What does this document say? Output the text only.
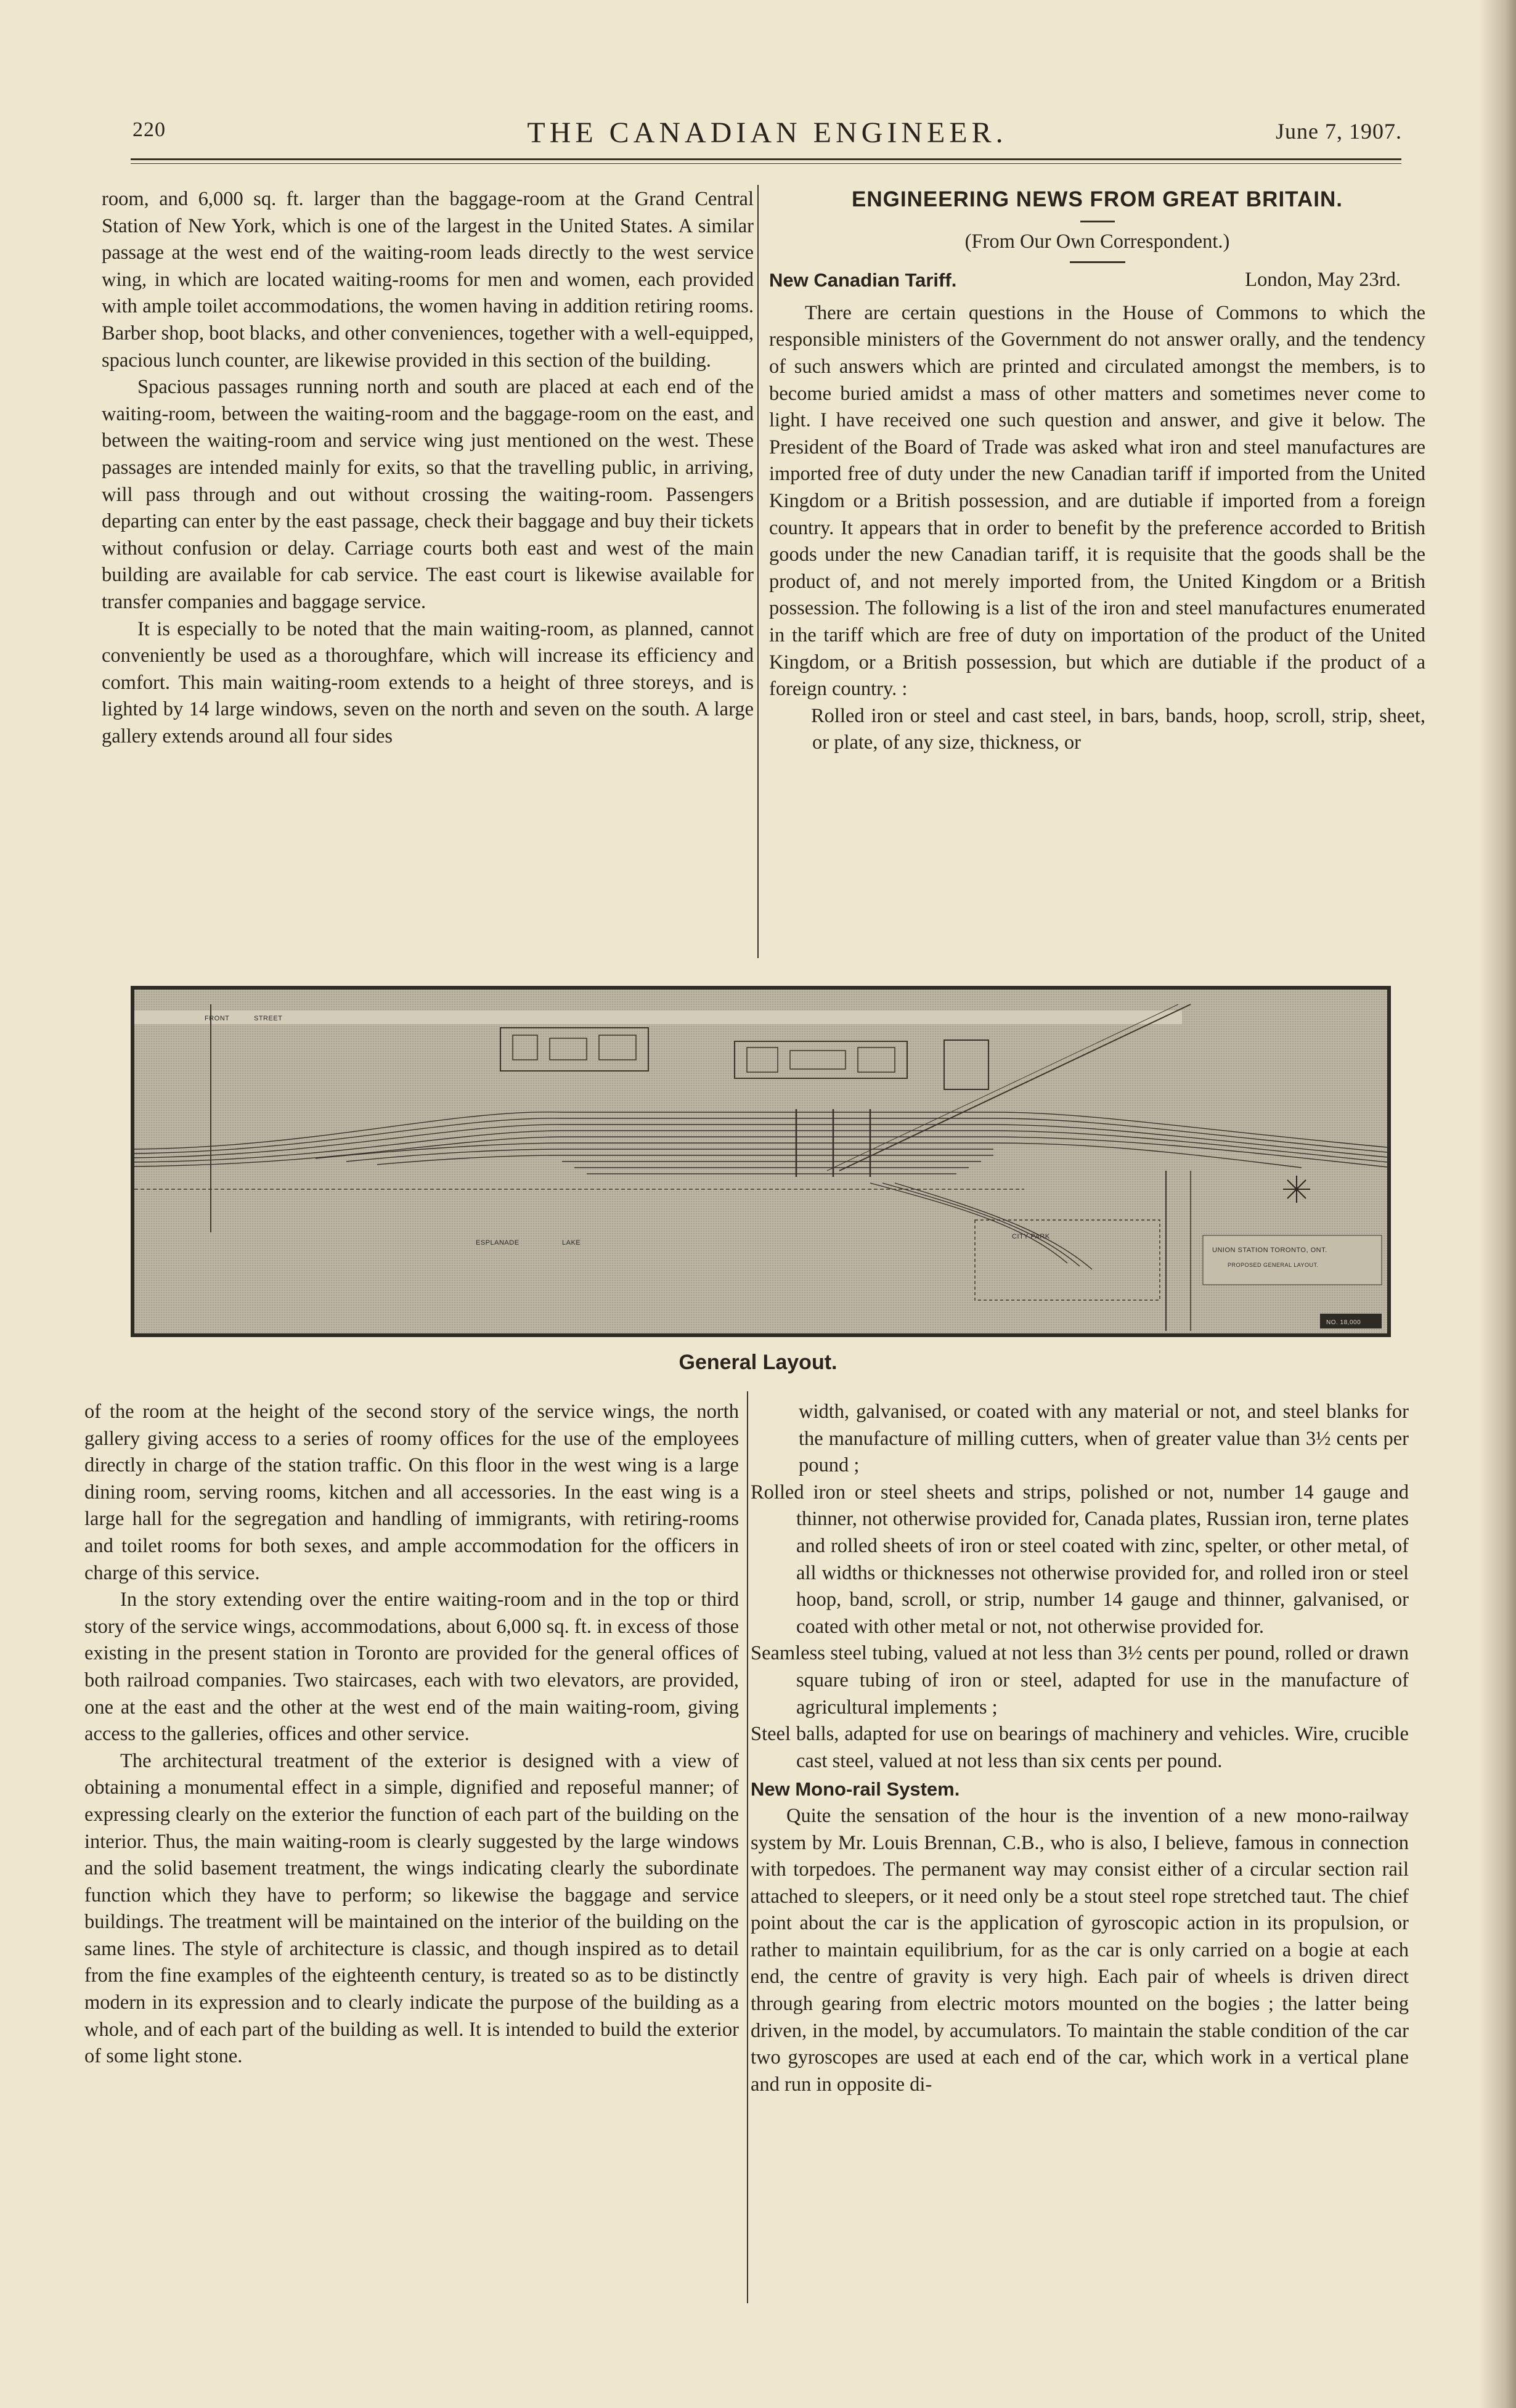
220	THE CANADIAN ENGINEER.	June 7, 1907.

room, and 6,000 sq. ft. larger than the baggage-room at the Grand Central Station of New York, which is one of the largest in the United States. A similar passage at the west end of the waiting-room leads directly to the west service wing, in which are located waiting-rooms for men and women, each provided with ample toilet accommodations, the women having in addition retiring rooms. Barber shop, boot blacks, and other conveniences, together with a well-equipped, spacious lunch counter, are likewise provided in this section of the building.

Spacious passages running north and south are placed at each end of the waiting-room, between the waiting-room and the baggage-room on the east, and between the waiting-room and service wing just mentioned on the west. These passages are intended mainly for exits, so that the travelling public, in arriving, will pass through and out without crossing the waiting-room. Passengers departing can enter by the east passage, check their baggage and buy their tickets without confusion or delay. Carriage courts both east and west of the main building are available for cab service. The east court is likewise available for transfer companies and baggage service.

It is especially to be noted that the main waiting-room, as planned, cannot conveniently be used as a thoroughfare, which will increase its efficiency and comfort. This main waiting-room extends to a height of three storeys, and is lighted by 14 large windows, seven on the north and seven on the south. A large gallery extends around all four sides

ENGINEERING NEWS FROM GREAT BRITAIN.

(From Our Own Correspondent.)

New Canadian Tariff.	London, May 23rd.

There are certain questions in the House of Commons to which the responsible ministers of the Government do not answer orally, and the tendency of such answers which are printed and circulated amongst the members, is to become buried amidst a mass of other matters and sometimes never come to light. I have received one such question and answer, and give it below. The President of the Board of Trade was asked what iron and steel manufactures are imported free of duty under the new Canadian tariff if imported from the United Kingdom or a British possession, and are dutiable if imported from a foreign country. It appears that in order to benefit by the preference accorded to British goods under the new Canadian tariff, it is requisite that the goods shall be the product of, and not merely imported from, the United Kingdom or a British possession. The following is a list of the iron and steel manufactures enumerated in the tariff which are free of duty on importation of the product of the United Kingdom, or a British possession, but which are dutiable if the product of a foreign country. :

Rolled iron or steel and cast steel, in bars, bands, hoop, scroll, strip, sheet, or plate, of any size, thickness, or

FRONT	STREET
ESPLANADE	LAKE
CITY PARK
UNION STATION TORONTO, ONT.
PROPOSED GENERAL LAYOUT.
NO. 18,000
General Layout.

of the room at the height of the second story of the service wings, the north gallery giving access to a series of roomy offices for the use of the employees directly in charge of the station traffic. On this floor in the west wing is a large dining room, serving rooms, kitchen and all accessories. In the east wing is a large hall for the segregation and handling of immigrants, with retiring-rooms and toilet rooms for both sexes, and ample accommodation for the officers in charge of this service.

In the story extending over the entire waiting-room and in the top or third story of the service wings, accommodations, about 6,000 sq. ft. in excess of those existing in the present station in Toronto are provided for the general offices of both railroad companies. Two staircases, each with two elevators, are provided, one at the east and the other at the west end of the main waiting-room, giving access to the galleries, offices and other service.

The architectural treatment of the exterior is designed with a view of obtaining a monumental effect in a simple, dignified and reposeful manner; of expressing clearly on the exterior the function of each part of the building on the interior. Thus, the main waiting-room is clearly suggested by the large windows and the solid basement treatment, the wings indicating clearly the subordinate function which they have to perform; so likewise the baggage and service buildings. The treatment will be maintained on the interior of the building on the same lines. The style of architecture is classic, and though inspired as to detail from the fine examples of the eighteenth century, is treated so as to be distinctly modern in its expression and to clearly indicate the purpose of the building as a whole, and of each part of the building as well. It is intended to build the exterior of some light stone.

width, galvanised, or coated with any material or not, and steel blanks for the manufacture of milling cutters, when of greater value than 3½ cents per pound ;

Rolled iron or steel sheets and strips, polished or not, number 14 gauge and thinner, not otherwise provided for, Canada plates, Russian iron, terne plates and rolled sheets of iron or steel coated with zinc, spelter, or other metal, of all widths or thicknesses not otherwise provided for, and rolled iron or steel hoop, band, scroll, or strip, number 14 gauge and thinner, galvanised, or coated with other metal or not, not otherwise provided for.

Seamless steel tubing, valued at not less than 3½ cents per pound, rolled or drawn square tubing of iron or steel, adapted for use in the manufacture of agricultural implements ;

Steel balls, adapted for use on bearings of machinery and vehicles. Wire, crucible cast steel, valued at not less than six cents per pound.

New Mono-rail System.

Quite the sensation of the hour is the invention of a new mono-railway system by Mr. Louis Brennan, C.B., who is also, I believe, famous in connection with torpedoes. The permanent way may consist either of a circular section rail attached to sleepers, or it need only be a stout steel rope stretched taut. The chief point about the car is the application of gyroscopic action in its propulsion, or rather to maintain equilibrium, for as the car is only carried on a bogie at each end, the centre of gravity is very high. Each pair of wheels is driven direct through gearing from electric motors mounted on the bogies ; the latter being driven, in the model, by accumulators. To maintain the stable condition of the car two gyroscopes are used at each end of the car, which work in a vertical plane and run in opposite di-
